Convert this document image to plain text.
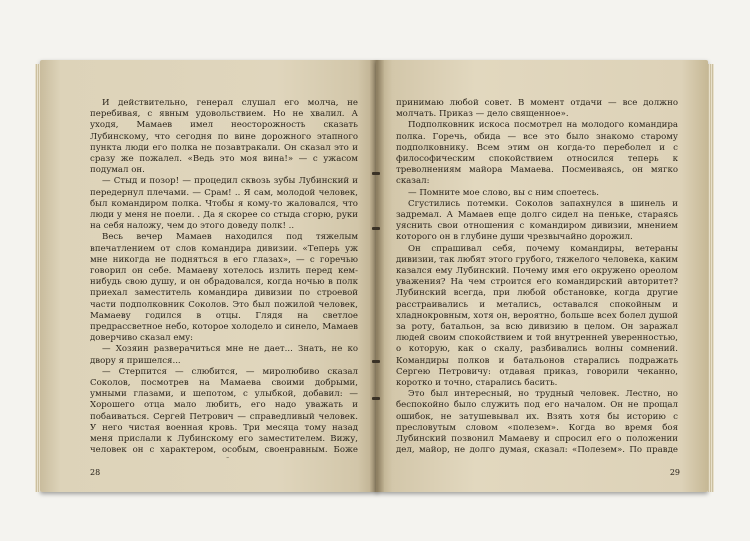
И действительно, генерал слушал его молча, не перебивая, с явным удовольствием. Но не хвалил. А уходя, Мамаев имел неосторожность сказать Лубинскому, что сегодня по вине дорожного этапного пункта люди его полка не позавтракали. Он сказал это и сразу же пожалел. «Ведь это моя вина!» — с ужасом подумал он.

— Стыд и позор! — процедил сквозь зубы Лубинский и передернул плечами. — Срам! .. Я сам, молодой человек, был командиром полка. Чтобы я кому-то жаловался, что люди у меня не поели. . Да я скорее со стыда сгорю, руки на себя наложу, чем до этого доведу полк! ..

Весь вечер Мамаев находился под тяжелым впечатлением от слов командира дивизии. «Теперь уж мне никогда не подняться в его глазах», — с горечью говорил он себе. Мамаеву хотелось излить перед кем-нибудь свою душу, и он обрадовался, когда ночью в полк приехал заместитель командира дивизии по строевой части подполковник Соколов. Это был пожилой человек, Мамаеву годился в отцы. Глядя на светлое предрассветное небо, которое холодело и синело, Мамаев доверчиво сказал ему:

— Хозяин разверачиться мне не дает... Знать, не ко двору я пришелся...

— Стерпится — слюбится, — миролюбиво сказал Соколов, посмотрев на Мамаева своими добрыми, умными глазами, и шепотом, с улыбкой, добавил: — Хорошего отца мало любить, его надо уважать и побаиваться. Сергей Петрович — справедливый человек. У него чистая военная кровь. Три месяца тому назад меня прислали к Лубинскому его заместителем. Вижу, человек он с характером, особым, своенравным. Боже

28

принимаю любой совет. В момент отдачи — все должно молчать. Приказ — дело священное».

Подполковник искоса посмотрел на молодого командира полка. Горечь, обида — все это было знакомо старому подполковнику. Всем этим он когда-то переболел и с философическим спокойствием относился теперь к треволнениям майора Мамаева. Посмеиваясь, он мягко сказал:

— Помните мое слово, вы с ним споетесь.

Сгустились потемки. Соколов запахнулся в шинель и задремал. А Мамаев еще долго сидел на пеньке, стараясь уяснить свои отношения с командиром дивизии, мнением которого он в глубине души чрезвычайно дорожил.

Он спрашивал себя, почему командиры, ветераны дивизии, так любят этого грубого, тяжелого человека, каким казался ему Лубинский. Почему имя его окружено ореолом уважения? На чем строится его командирский авторитет? Лубинский всегда, при любой обстановке, когда другие расстраивались и метались, оставался спокойным и хладнокровным, хотя он, вероятно, больше всех болел душой за роту, батальон, за всю дивизию в целом. Он заражал людей своим спокойствием и той внутренней уверенностью, о которую, как о скалу, разбивались волны сомнений. Командиры полков и батальонов старались подражать Сергею Петровичу: отдавая приказ, говорили чеканно, коротко и точно, старались басить.

Это был интересный, но трудный человек. Лестно, но беспокойно было служить под его началом. Он не прощал ошибок, не затушевывал их. Взять хотя бы историю с пресловутым словом «полезем». Когда во время боя Лубинский позвонил Мамаеву и спросил его о положении дел, майор, не долго думая, сказал: «Полезем». По правде

29
